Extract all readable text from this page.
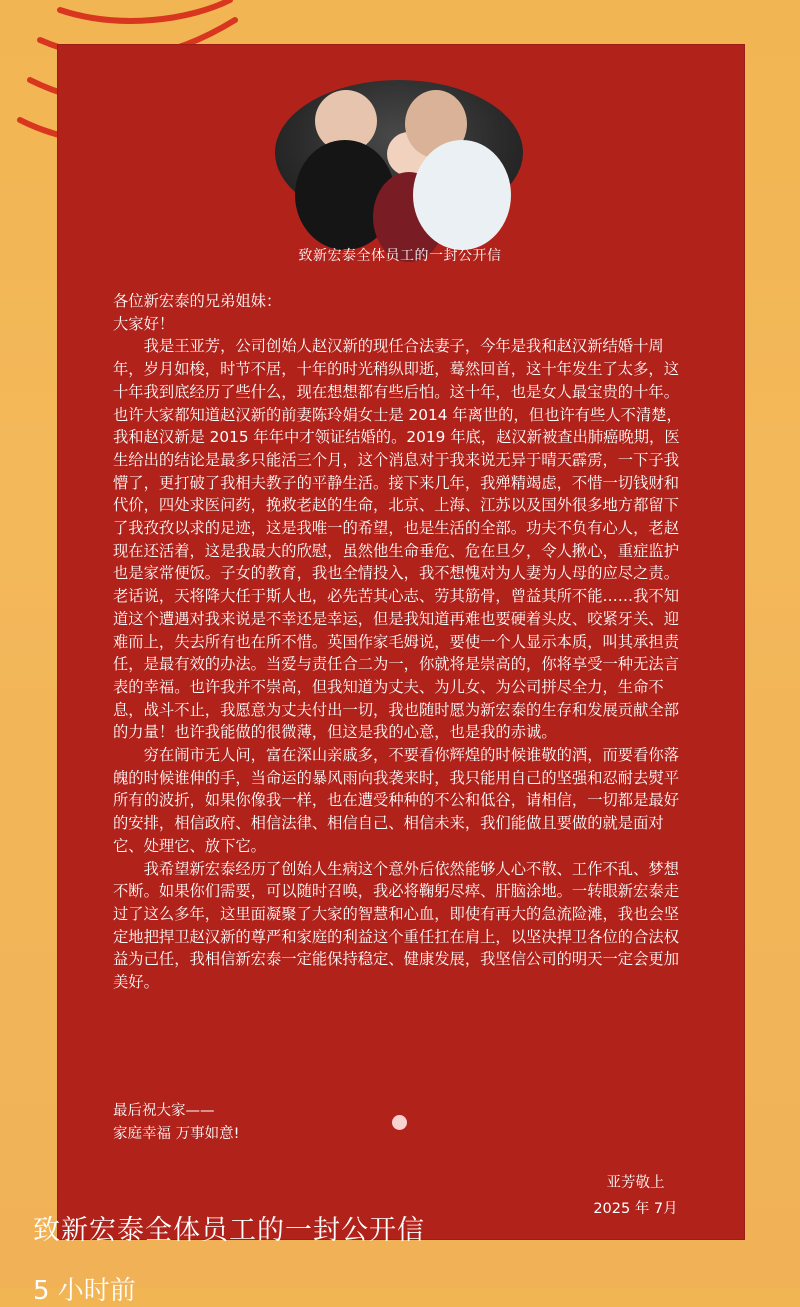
致新宏泰全体员工的一封公开信

各位新宏泰的兄弟姐妹：

大家好！

我是王亚芳，公司创始人赵汉新的现任合法妻子，今年是我和赵汉新结婚十周年，岁月如梭，时节不居，十年的时光稍纵即逝，蓦然回首，这十年发生了太多，这十年我到底经历了些什么，现在想想都有些后怕。这十年，也是女人最宝贵的十年。也许大家都知道赵汉新的前妻陈玲娟女士是 2014 年离世的，但也许有些人不清楚，我和赵汉新是 2015 年年中才领证结婚的。2019 年底，赵汉新被查出肺癌晚期，医生给出的结论是最多只能活三个月，这个消息对于我来说无异于晴天霹雳，一下子我懵了，更打破了我相夫教子的平静生活。接下来几年，我殚精竭虑，不惜一切钱财和代价，四处求医问药，挽救老赵的生命，北京、上海、江苏以及国外很多地方都留下了我孜孜以求的足迹，这是我唯一的希望，也是生活的全部。功夫不负有心人，老赵现在还活着，这是我最大的欣慰，虽然他生命垂危、危在旦夕，令人揪心，重症监护也是家常便饭。子女的教育，我也全情投入，我不想愧对为人妻为人母的应尽之责。老话说，天将降大任于斯人也，必先苦其心志、劳其筋骨，曾益其所不能……我不知道这个遭遇对我来说是不幸还是幸运，但是我知道再难也要硬着头皮、咬紧牙关、迎难而上，失去所有也在所不惜。英国作家毛姆说，要使一个人显示本质，叫其承担责任，是最有效的办法。当爱与责任合二为一，你就将是崇高的，你将享受一种无法言表的幸福。也许我并不崇高，但我知道为丈夫、为儿女、为公司拼尽全力，生命不息，战斗不止，我愿意为丈夫付出一切，我也随时愿为新宏泰的生存和发展贡献全部的力量！也许我能做的很微薄，但这是我的心意，也是我的赤诚。

穷在闹市无人问，富在深山亲戚多，不要看你辉煌的时候谁敬的酒，而要看你落魄的时候谁伸的手，当命运的暴风雨向我袭来时，我只能用自己的坚强和忍耐去熨平所有的波折，如果你像我一样，也在遭受种种的不公和低谷，请相信，一切都是最好的安排，相信政府、相信法律、相信自己、相信未来，我们能做且要做的就是面对它、处理它、放下它。

我希望新宏泰经历了创始人生病这个意外后依然能够人心不散、工作不乱、梦想不断。如果你们需要，可以随时召唤，我必将鞠躬尽瘁、肝脑涂地。一转眼新宏泰走过了这么多年，这里面凝聚了大家的智慧和心血，即使有再大的急流险滩，我也会坚定地把捍卫赵汉新的尊严和家庭的利益这个重任扛在肩上，以坚决捍卫各位的合法权益为己任，我相信新宏泰一定能保持稳定、健康发展，我坚信公司的明天一定会更加美好。

最后祝大家——
家庭幸福 万事如意!
亚芳敬上
2025 年 7月
致新宏泰全体员工的一封公开信
5 小时前
